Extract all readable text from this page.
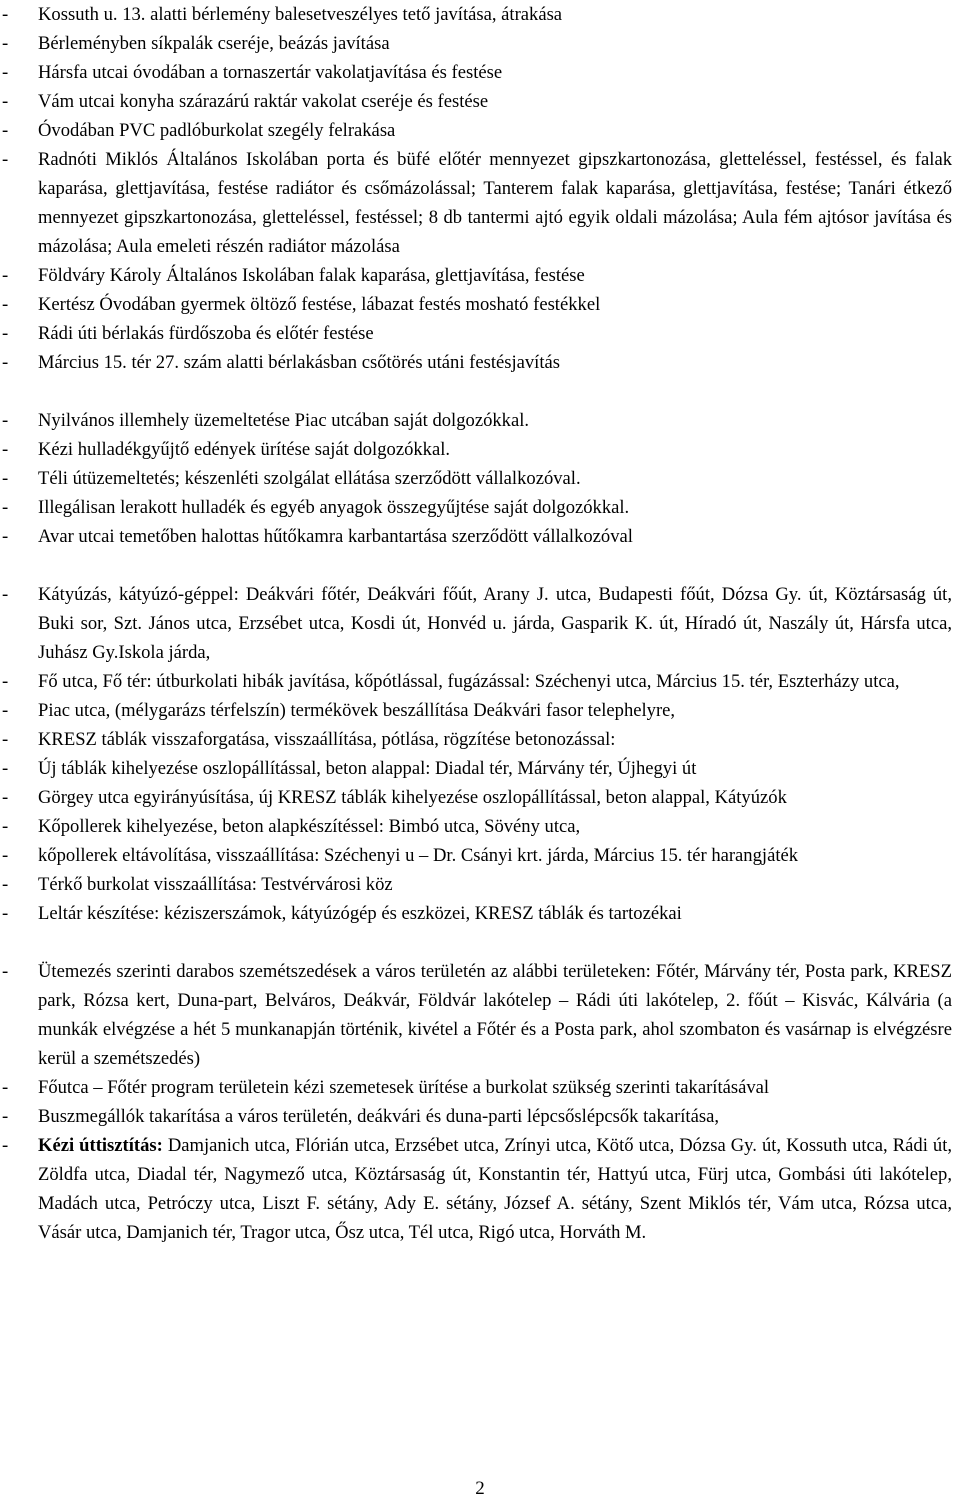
- Kossuth u. 13. alatti bérlemény balesetveszélyes tető javítása, átrakása
- Bérleményben síkpalák cseréje, beázás javítása
- Hársfa utcai óvodában a tornaszertár vakolatjavítása és festése
- Vám utcai konyha szárazárú raktár vakolat cseréje és festése
- Óvodában PVC padlóburkolat szegély felrakása
- Radnóti Miklós Általános Iskolában porta és büfé előtér mennyezet gipszkartonozása, gletteléssel, festéssel, és falak kaparása, glettjavítása, festése radiátor és csőmázolással; Tanterem falak kaparása, glettjavítása, festése; Tanári étkező mennyezet gipszkartonozása, gletteléssel, festéssel; 8 db tantermi ajtó egyik oldali mázolása; Aula fém ajtósor javítása és mázolása; Aula emeleti részén radiátor mázolása
- Földváry Károly Általános Iskolában falak kaparása, glettjavítása, festése
- Kertész Óvodában gyermek öltöző festése, lábazat festés mosható festékkel
- Rádi úti bérlakás fürdőszoba és előtér festése
- Március 15. tér 27. szám alatti bérlakásban csőtörés utáni festésjavítás
- Nyilvános illemhely üzemeltetése Piac utcában saját dolgozókkal.
- Kézi hulladékgyűjtő edények ürítése saját dolgozókkal.
- Téli útüzemeltetés; készenléti szolgálat ellátása szerződött vállalkozóval.
- Illegálisan lerakott hulladék és egyéb anyagok összegyűjtése saját dolgozókkal.
- Avar utcai temetőben halottas hűtőkamra karbantartása szerződött vállalkozóval
- Kátyúzás, kátyúzó-géppel: Deákvári főtér, Deákvári főút, Arany J. utca, Budapesti főút, Dózsa Gy. út, Köztársaság út, Buki sor, Szt. János utca, Erzsébet utca, Kosdi út, Honvéd u. járda, Gasparik K. út, Híradó út, Naszály út, Hársfa utca, Juhász Gy.Iskola járda,
- Fő utca, Fő tér: útburkolati hibák javítása, kőpótlással, fugázással: Széchenyi utca, Március 15. tér, Eszterházy utca,
- Piac utca, (mélygarázs térfelszín) termékövek beszállítása Deákvári fasor telephelyre,
- KRESZ táblák visszaforgatása, visszaállítása, pótlása, rögzítése betonozással:
- Új táblák kihelyezése oszlopállítással, beton alappal: Diadal tér, Márvány tér, Újhegyi út
- Görgey utca egyirányúsítása, új KRESZ táblák kihelyezése oszlopállítással, beton alappal, Kátyúzók
- Kőpollerek kihelyezése, beton alapkészítéssel: Bimbó utca, Sövény utca,
- kőpollerek eltávolítása, visszaállítása: Széchenyi u – Dr. Csányi krt. járda, Március 15. tér harangjáték
- Térkő burkolat visszaállítása: Testvérvárosi köz
- Leltár készítése: kéziszerszámok, kátyúzógép és eszközei, KRESZ táblák és tartozékai
- Ütemezés szerinti darabos szemétszedések a város területén az alábbi területeken: Főtér, Márvány tér, Posta park, KRESZ park, Rózsa kert, Duna-part, Belváros, Deákvár, Földvár lakótelep – Rádi úti lakótelep, 2. főút – Kisvác, Kálvária (a munkák elvégzése a hét 5 munkanapján történik, kivétel a Főtér és a Posta park, ahol szombaton és vasárnap is elvégzésre kerül a szemétszedés)
- Főutca – Főtér program területein kézi szemetesek ürítése a burkolat szükség szerinti takarításával
- Buszmegállók takarítása a város területén, deákvári és duna-parti lépcsőslépcsők takarítása,
- Kézi úttisztítás: Damjanich utca, Flórián utca, Erzsébet utca, Zrínyi utca, Kötő utca, Dózsa Gy. út, Kossuth utca, Rádi út, Zöldfa utca, Diadal tér, Nagymező utca, Köztársaság út, Konstantin tér, Hattyú utca, Fürj utca, Gombási úti lakótelep, Madách utca, Petróczy utca, Liszt F. sétány, Ady E. sétány, József A. sétány, Szent Miklós tér, Vám utca, Rózsa utca, Vásár utca, Damjanich tér, Tragor utca, Ősz utca, Tél utca, Rigó utca, Horváth M.
2
